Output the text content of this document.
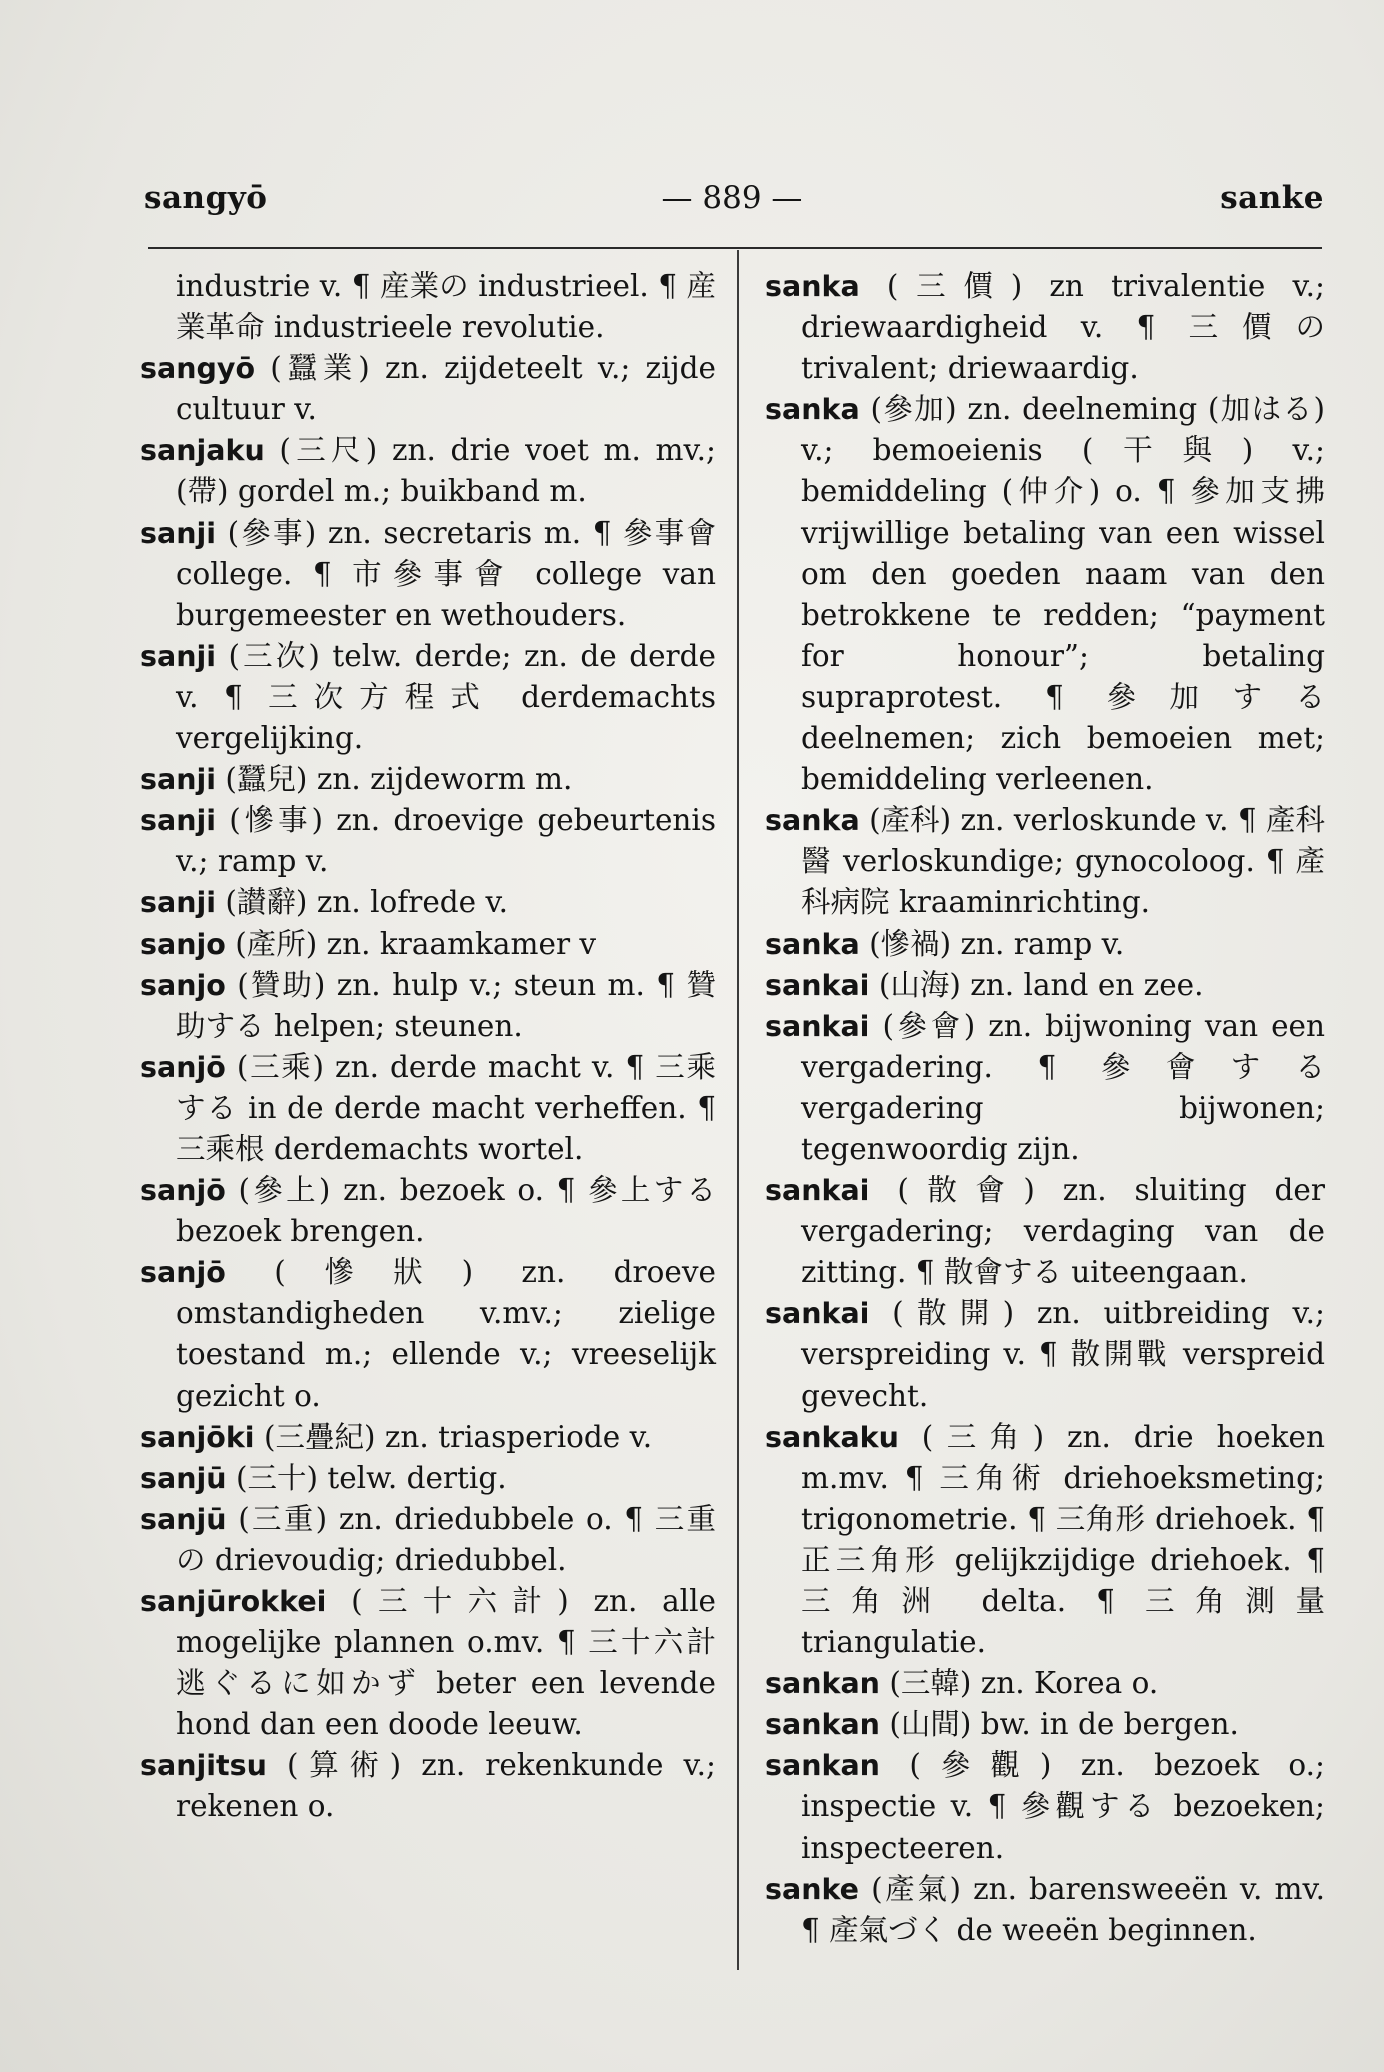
sangyō	— 889 —	sanke

industrie v. ¶ 産業の industrieel. ¶ 産業革命 industrieele revolutie.

sangyō (蠶業) zn. zijdeteelt v.; zijde cultuur v.

sanjaku (三尺) zn. drie voet m. mv.; (帶) gordel m.; buikband m.

sanji (參事) zn. secretaris m. ¶ 參事會 college. ¶ 市參事會 college van burgemeester en wethouders.

sanji (三次) telw. derde; zn. de derde v. ¶ 三次方程式 derdemachts vergelijking.

sanji (蠶兒) zn. zijdeworm m.

sanji (慘事) zn. droevige gebeurtenis v.; ramp v.

sanji (讃辭) zn. lofrede v.

sanjo (產所) zn. kraamkamer v

sanjo (贊助) zn. hulp v.; steun m. ¶ 贊助する helpen; steunen.

sanjō (三乘) zn. derde macht v. ¶ 三乘する in de derde macht verheffen. ¶ 三乘根 derdemachts wortel.

sanjō (參上) zn. bezoek o. ¶ 參上する bezoek brengen.

sanjō (慘狀) zn. droeve omstandigheden v.mv.; zielige toestand m.; ellende v.; vreeselijk gezicht o.

sanjōki (三疊紀) zn. triasperiode v.

sanjū (三十) telw. dertig.

sanjū (三重) zn. driedubbele o. ¶ 三重の drievoudig; driedubbel.

sanjūrokkei (三十六計) zn. alle mogelijke plannen o.mv. ¶ 三十六計逃ぐるに如かず beter een levende hond dan een doode leeuw.

sanjitsu (算術) zn. rekenkunde v.; rekenen o.

sanka (三價) zn trivalentie v.; driewaardigheid v. ¶ 三價の trivalent; driewaardig.

sanka (參加) zn. deelneming (加はる) v.; bemoeienis (干與) v.; bemiddeling (仲介) o. ¶ 參加支拂 vrijwillige betaling van een wissel om den goeden naam van den betrokkene te redden; “payment for honour”; betaling supraprotest. ¶ 參加する deelnemen; zich bemoeien met; bemiddeling verleenen.

sanka (產科) zn. verloskunde v. ¶ 產科醫 verloskundige; gynocoloog. ¶ 產科病院 kraaminrichting.

sanka (慘禍) zn. ramp v.

sankai (山海) zn. land en zee.

sankai (參會) zn. bijwoning van een vergadering. ¶ 參會する vergadering bijwonen; tegenwoordig zijn.

sankai (散會) zn. sluiting der vergadering; verdaging van de zitting. ¶ 散會する uiteengaan.

sankai (散開) zn. uitbreiding v.; verspreiding v. ¶ 散開戰 verspreid gevecht.

sankaku (三角) zn. drie hoeken m.mv. ¶ 三角術 driehoeksmeting; trigonometrie. ¶ 三角形 driehoek. ¶ 正三角形 gelijkzijdige driehoek. ¶ 三角洲 delta. ¶ 三角測量 triangulatie.

sankan (三韓) zn. Korea o.

sankan (山間) bw. in de bergen.

sankan (參觀) zn. bezoek o.; inspectie v. ¶ 參觀する bezoeken; inspecteeren.

sanke (產氣) zn. barensweeën v. mv. ¶ 產氣づく de weeën beginnen.
